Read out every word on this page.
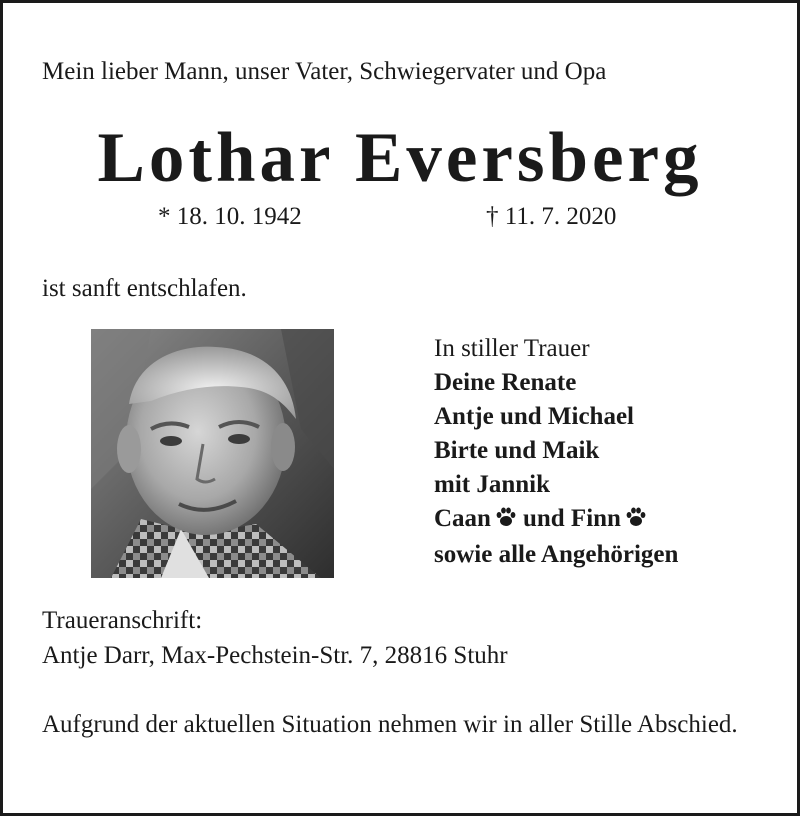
Mein lieber Mann, unser Vater, Schwiegervater und Opa
Lothar Eversberg
* 18. 10. 1942	† 11. 7. 2020
ist sanft entschlafen.
In stiller Trauer
Deine Renate
Antje und Michael
Birte und Maik
mit Jannik
Caan und Finn
sowie alle Angehörigen
Traueranschrift:
Antje Darr, Max-Pechstein-Str. 7, 28816 Stuhr
Aufgrund der aktuellen Situation nehmen wir in aller Stille Abschied.
